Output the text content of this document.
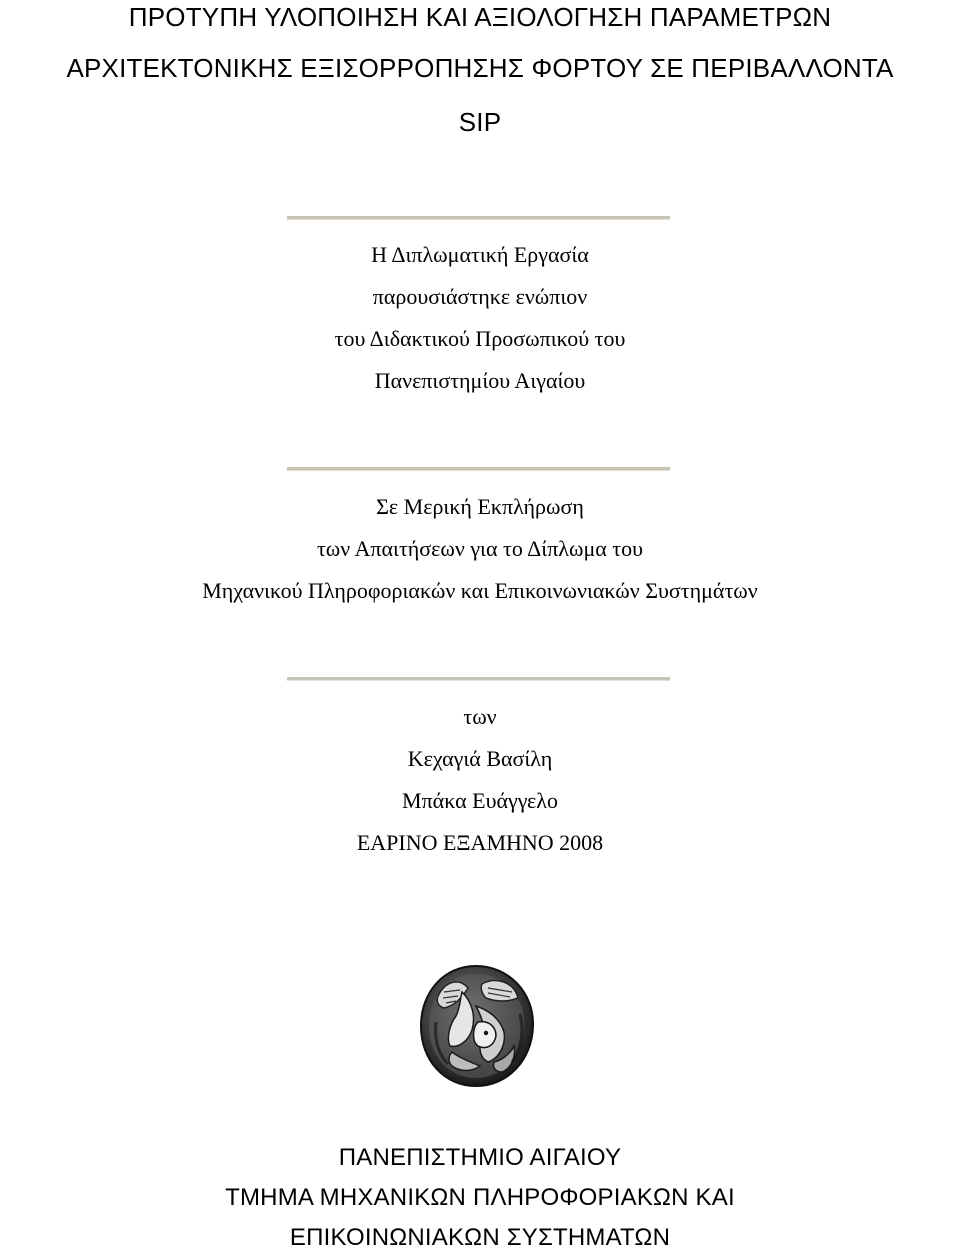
ΠΡΟΤΥΠΗ ΥΛΟΠΟΙΗΣΗ ΚΑΙ ΑΞΙΟΛΟΓΗΣΗ ΠΑΡΑΜΕΤΡΩΝ
ΑΡΧΙΤΕΚΤΟΝΙΚΗΣ ΕΞΙΣΟΡΡΟΠΗΣΗΣ ΦΟΡΤΟΥ ΣΕ ΠΕΡΙΒΑΛΛΟΝΤΑ
SIP
Η Διπλωματική Εργασία
παρουσιάστηκε ενώπιον
του Διδακτικού Προσωπικού του
Πανεπιστημίου Αιγαίου
Σε Μερική Εκπλήρωση
των Απαιτήσεων για το Δίπλωμα του
Μηχανικού Πληροφοριακών και Επικοινωνιακών Συστημάτων
των
Κεχαγιά Βασίλη
Μπάκα Ευάγγελο
ΕΑΡΙΝΟ ΕΞΑΜΗΝΟ 2008
ΠΑΝΕΠΙΣΤΗΜΙΟ ΑΙΓΑΙΟΥ
ΤΜΗΜΑ ΜΗΧΑΝΙΚΩΝ ΠΛΗΡΟΦΟΡΙΑΚΩΝ ΚΑΙ
ΕΠΙΚΟΙΝΩΝΙΑΚΩΝ ΣΥΣΤΗΜΑΤΩΝ
